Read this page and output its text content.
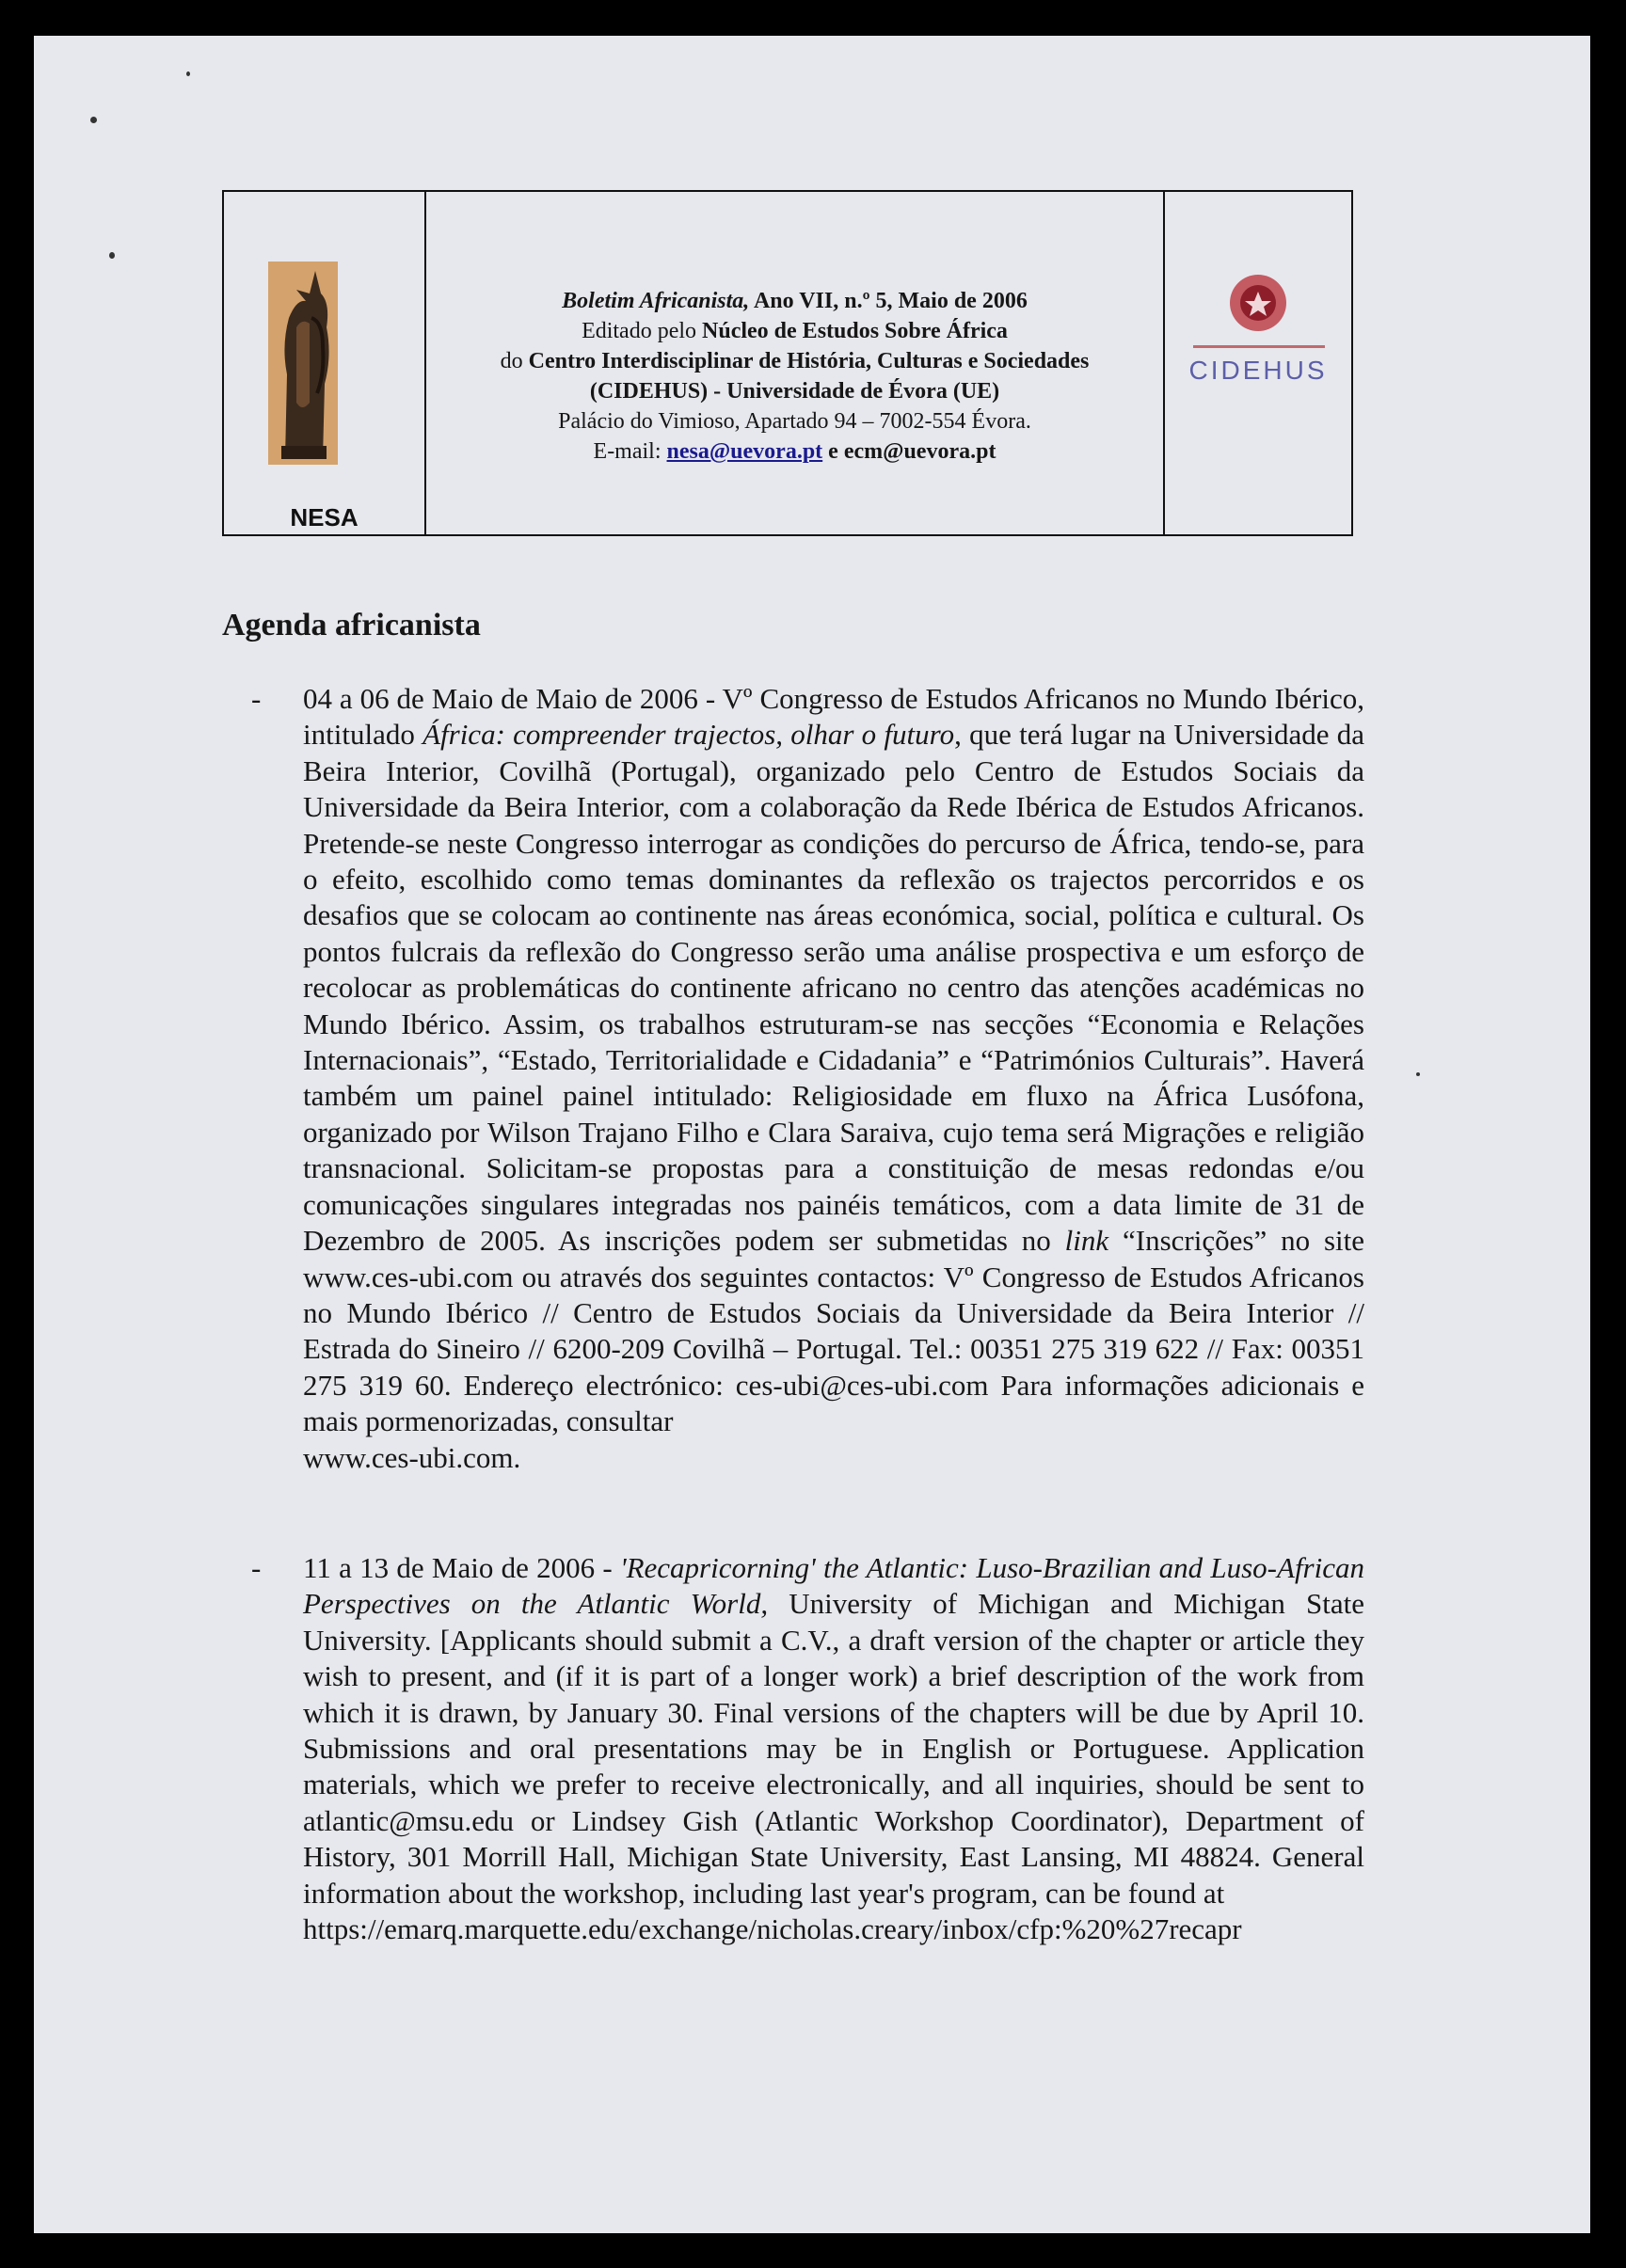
NESA
Boletim Africanista, Ano VII, n.º 5, Maio de 2006
Editado pelo Núcleo de Estudos Sobre África
do Centro Interdisciplinar de História, Culturas e Sociedades
(CIDEHUS) - Universidade de Évora (UE)
Palácio do Vimioso, Apartado 94 – 7002-554 Évora.
E-mail: nesa@uevora.pt e ecm@uevora.pt
CIDEHUS
Agenda africanista
- 04 a 06 de Maio de Maio de 2006 - Vº Congresso de Estudos Africanos no Mundo Ibérico, intitulado África: compreender trajectos, olhar o futuro, que terá lugar na Universidade da Beira Interior, Covilhã (Portugal), organizado pelo Centro de Estudos Sociais da Universidade da Beira Interior, com a colaboração da Rede Ibérica de Estudos Africanos. Pretende-se neste Congresso interrogar as condições do percurso de África, tendo-se, para o efeito, escolhido como temas dominantes da reflexão os trajectos percorridos e os desafios que se colocam ao continente nas áreas económica, social, política e cultural. Os pontos fulcrais da reflexão do Congresso serão uma análise prospectiva e um esforço de recolocar as problemáticas do continente africano no centro das atenções académicas no Mundo Ibérico. Assim, os trabalhos estruturam-se nas secções “Economia e Relações Internacionais”, “Estado, Territorialidade e Cidadania” e “Patrimónios Culturais”. Haverá também um painel painel intitulado: Religiosidade em fluxo na África Lusófona, organizado por Wilson Trajano Filho e Clara Saraiva, cujo tema será Migrações e religião transnacional. Solicitam-se propostas para a constituição de mesas redondas e/ou comunicações singulares integradas nos painéis temáticos, com a data limite de 31 de Dezembro de 2005. As inscrições podem ser submetidas no link “Inscrições” no site www.ces-ubi.com ou através dos seguintes contactos: Vº Congresso de Estudos Africanos no Mundo Ibérico // Centro de Estudos Sociais da Universidade da Beira Interior // Estrada do Sineiro // 6200-209 Covilhã – Portugal. Tel.: 00351 275 319 622 // Fax: 00351 275 319 60. Endereço electrónico: ces-ubi@ces-ubi.com Para informações adicionais e mais pormenorizadas, consultar
www.ces-ubi.com.
- 11 a 13 de Maio de 2006 - 'Recapricorning' the Atlantic: Luso-Brazilian and Luso-African Perspectives on the Atlantic World, University of Michigan and Michigan State University. [Applicants should submit a C.V., a draft version of the chapter or article they wish to present, and (if it is part of a longer work) a brief description of the work from which it is drawn, by January 30. Final versions of the chapters will be due by April 10. Submissions and oral presentations may be in English or Portuguese. Application materials, which we prefer to receive electronically, and all inquiries, should be sent to atlantic@msu.edu or Lindsey Gish (Atlantic Workshop Coordinator), Department of History, 301 Morrill Hall, Michigan State University, East Lansing, MI 48824. General information about the workshop, including last year's program, can be found at
https://emarq.marquette.edu/exchange/nicholas.creary/inbox/cfp:%20%27recapr
